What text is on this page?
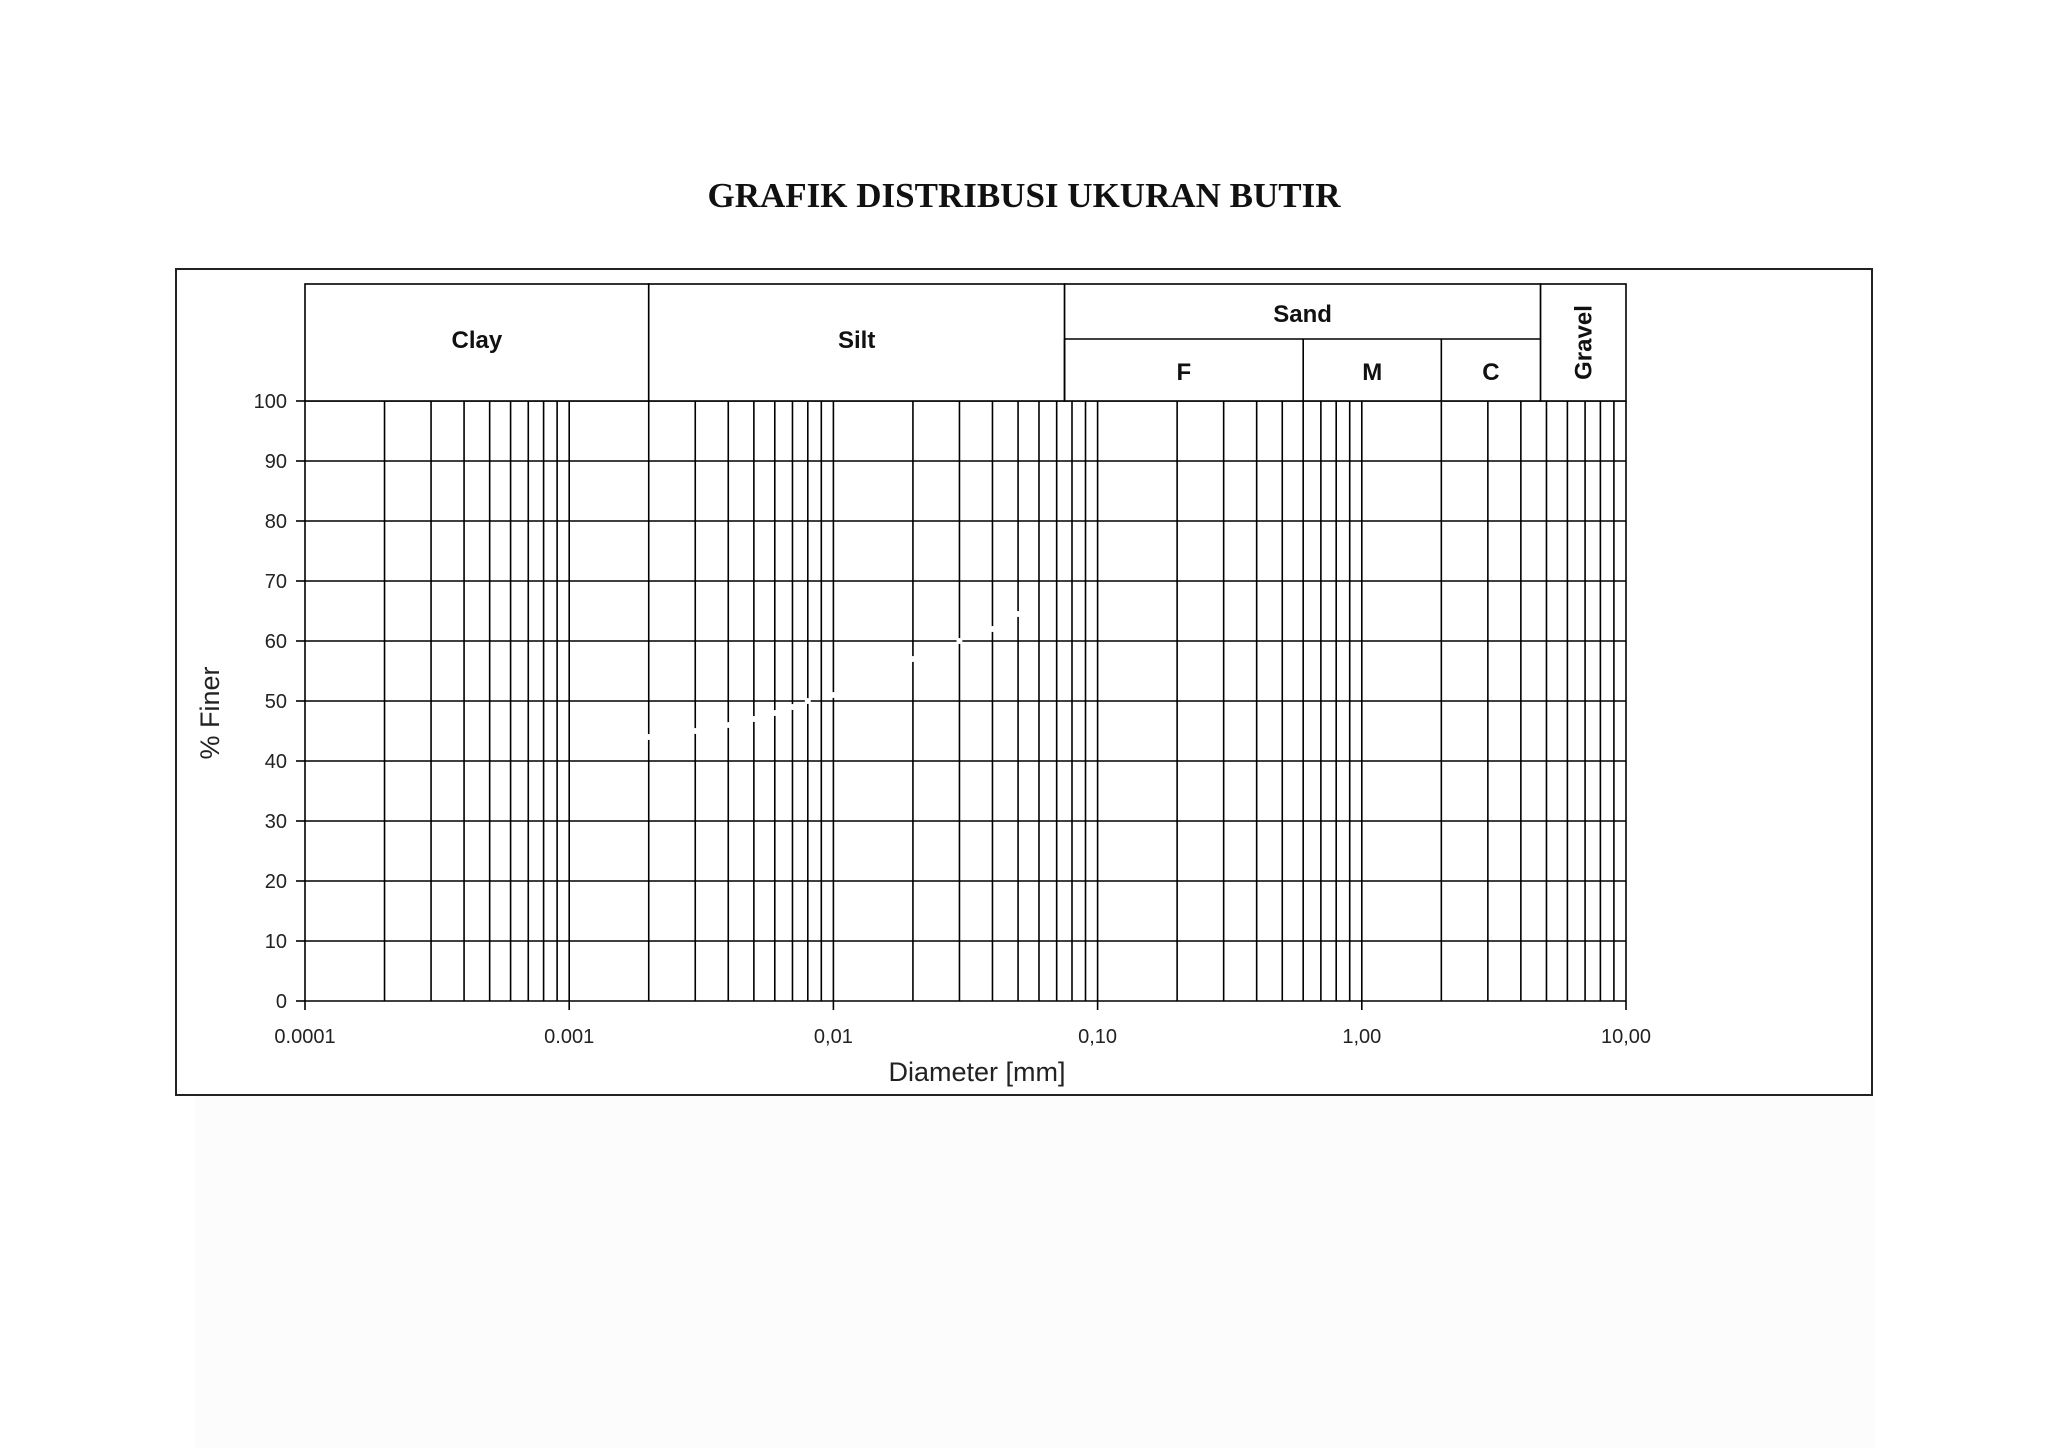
GRAFIK DISTRIBUSI UKURAN BUTIR
Clay	Silt
Sand
F	M	C	Gravel
0
10
20
30
40
50
60
70
80
90
100
0.0001	0.001	0,01	0,10	1,00	10,00
Diameter [mm]
% Finer
